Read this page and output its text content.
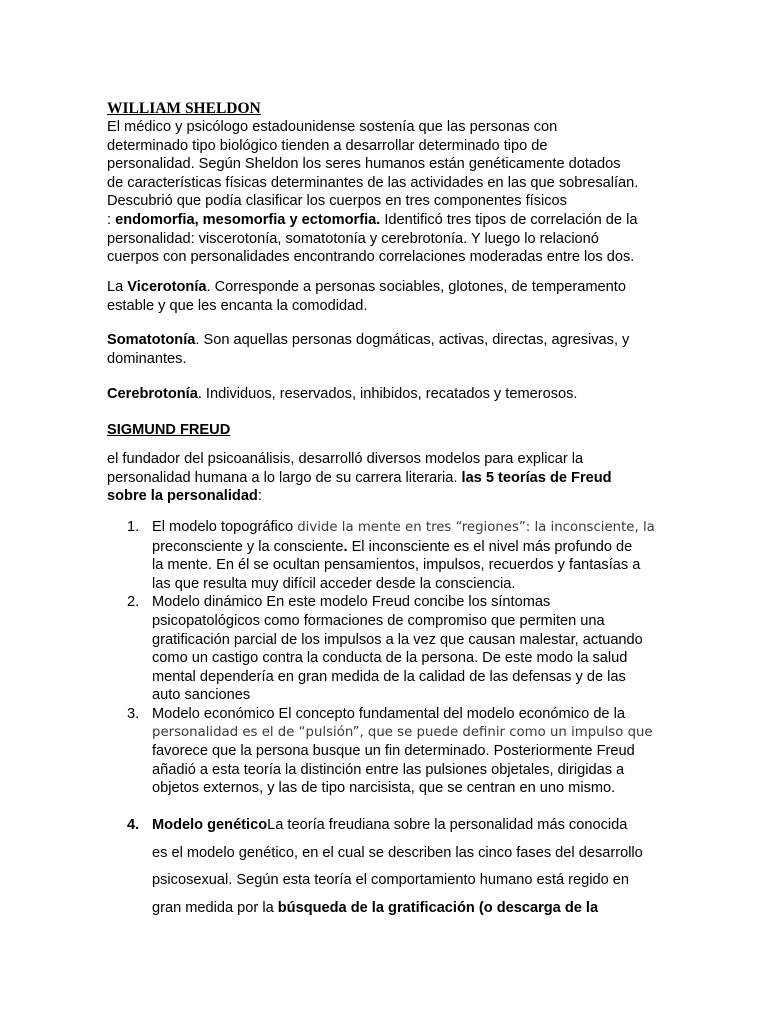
WILLIAM SHELDON

El médico y psicólogo estadounidense sostenía que las personas con

determinado tipo biológico tienden a desarrollar determinado tipo de

personalidad. Según Sheldon los seres humanos están genéticamente dotados

de características físicas determinantes de las actividades en las que sobresalían.

Descubrió que podía clasificar los cuerpos en tres componentes físicos

: endomorfia, mesomorfia y ectomorfia. Identificó tres tipos de correlación de la

personalidad: viscerotonía, somatotonía y cerebrotonía. Y luego lo relacionó

cuerpos con personalidades encontrando correlaciones moderadas entre los dos.

La Vicerotonía. Corresponde a personas sociables, glotones, de temperamento

estable y que les encanta la comodidad.

Somatotonía. Son aquellas personas dogmáticas, activas, directas, agresivas, y

dominantes.

Cerebrotonía. Individuos, reservados, inhibidos, recatados y temerosos.

SIGMUND FREUD

el fundador del psicoanálisis, desarrolló diversos modelos para explicar la

personalidad humana a lo largo de su carrera literaria. las 5 teorías de Freud

sobre la personalidad:

1. El modelo topográfico divide la mente en tres “regiones”: la inconsciente, la

preconsciente y la consciente. El inconsciente es el nivel más profundo de

la mente. En él se ocultan pensamientos, impulsos, recuerdos y fantasías a

las que resulta muy difícil acceder desde la consciencia.

2. Modelo dinámico En este modelo Freud concibe los síntomas

psicopatológicos como formaciones de compromiso que permiten una

gratificación parcial de los impulsos a la vez que causan malestar, actuando

como un castigo contra la conducta de la persona. De este modo la salud

mental dependería en gran medida de la calidad de las defensas y de las

auto sanciones

3. Modelo económico El concepto fundamental del modelo económico de la

personalidad es el de “pulsión”, que se puede definir como un impulso que

favorece que la persona busque un fin determinado. Posteriormente Freud

añadió a esta teoría la distinción entre las pulsiones objetales, dirigidas a

objetos externos, y las de tipo narcisista, que se centran en uno mismo.

4. Modelo genéticoLa teoría freudiana sobre la personalidad más conocida

es el modelo genético, en el cual se describen las cinco fases del desarrollo

psicosexual. Según esta teoría el comportamiento humano está regido en

gran medida por la búsqueda de la gratificación (o descarga de la
